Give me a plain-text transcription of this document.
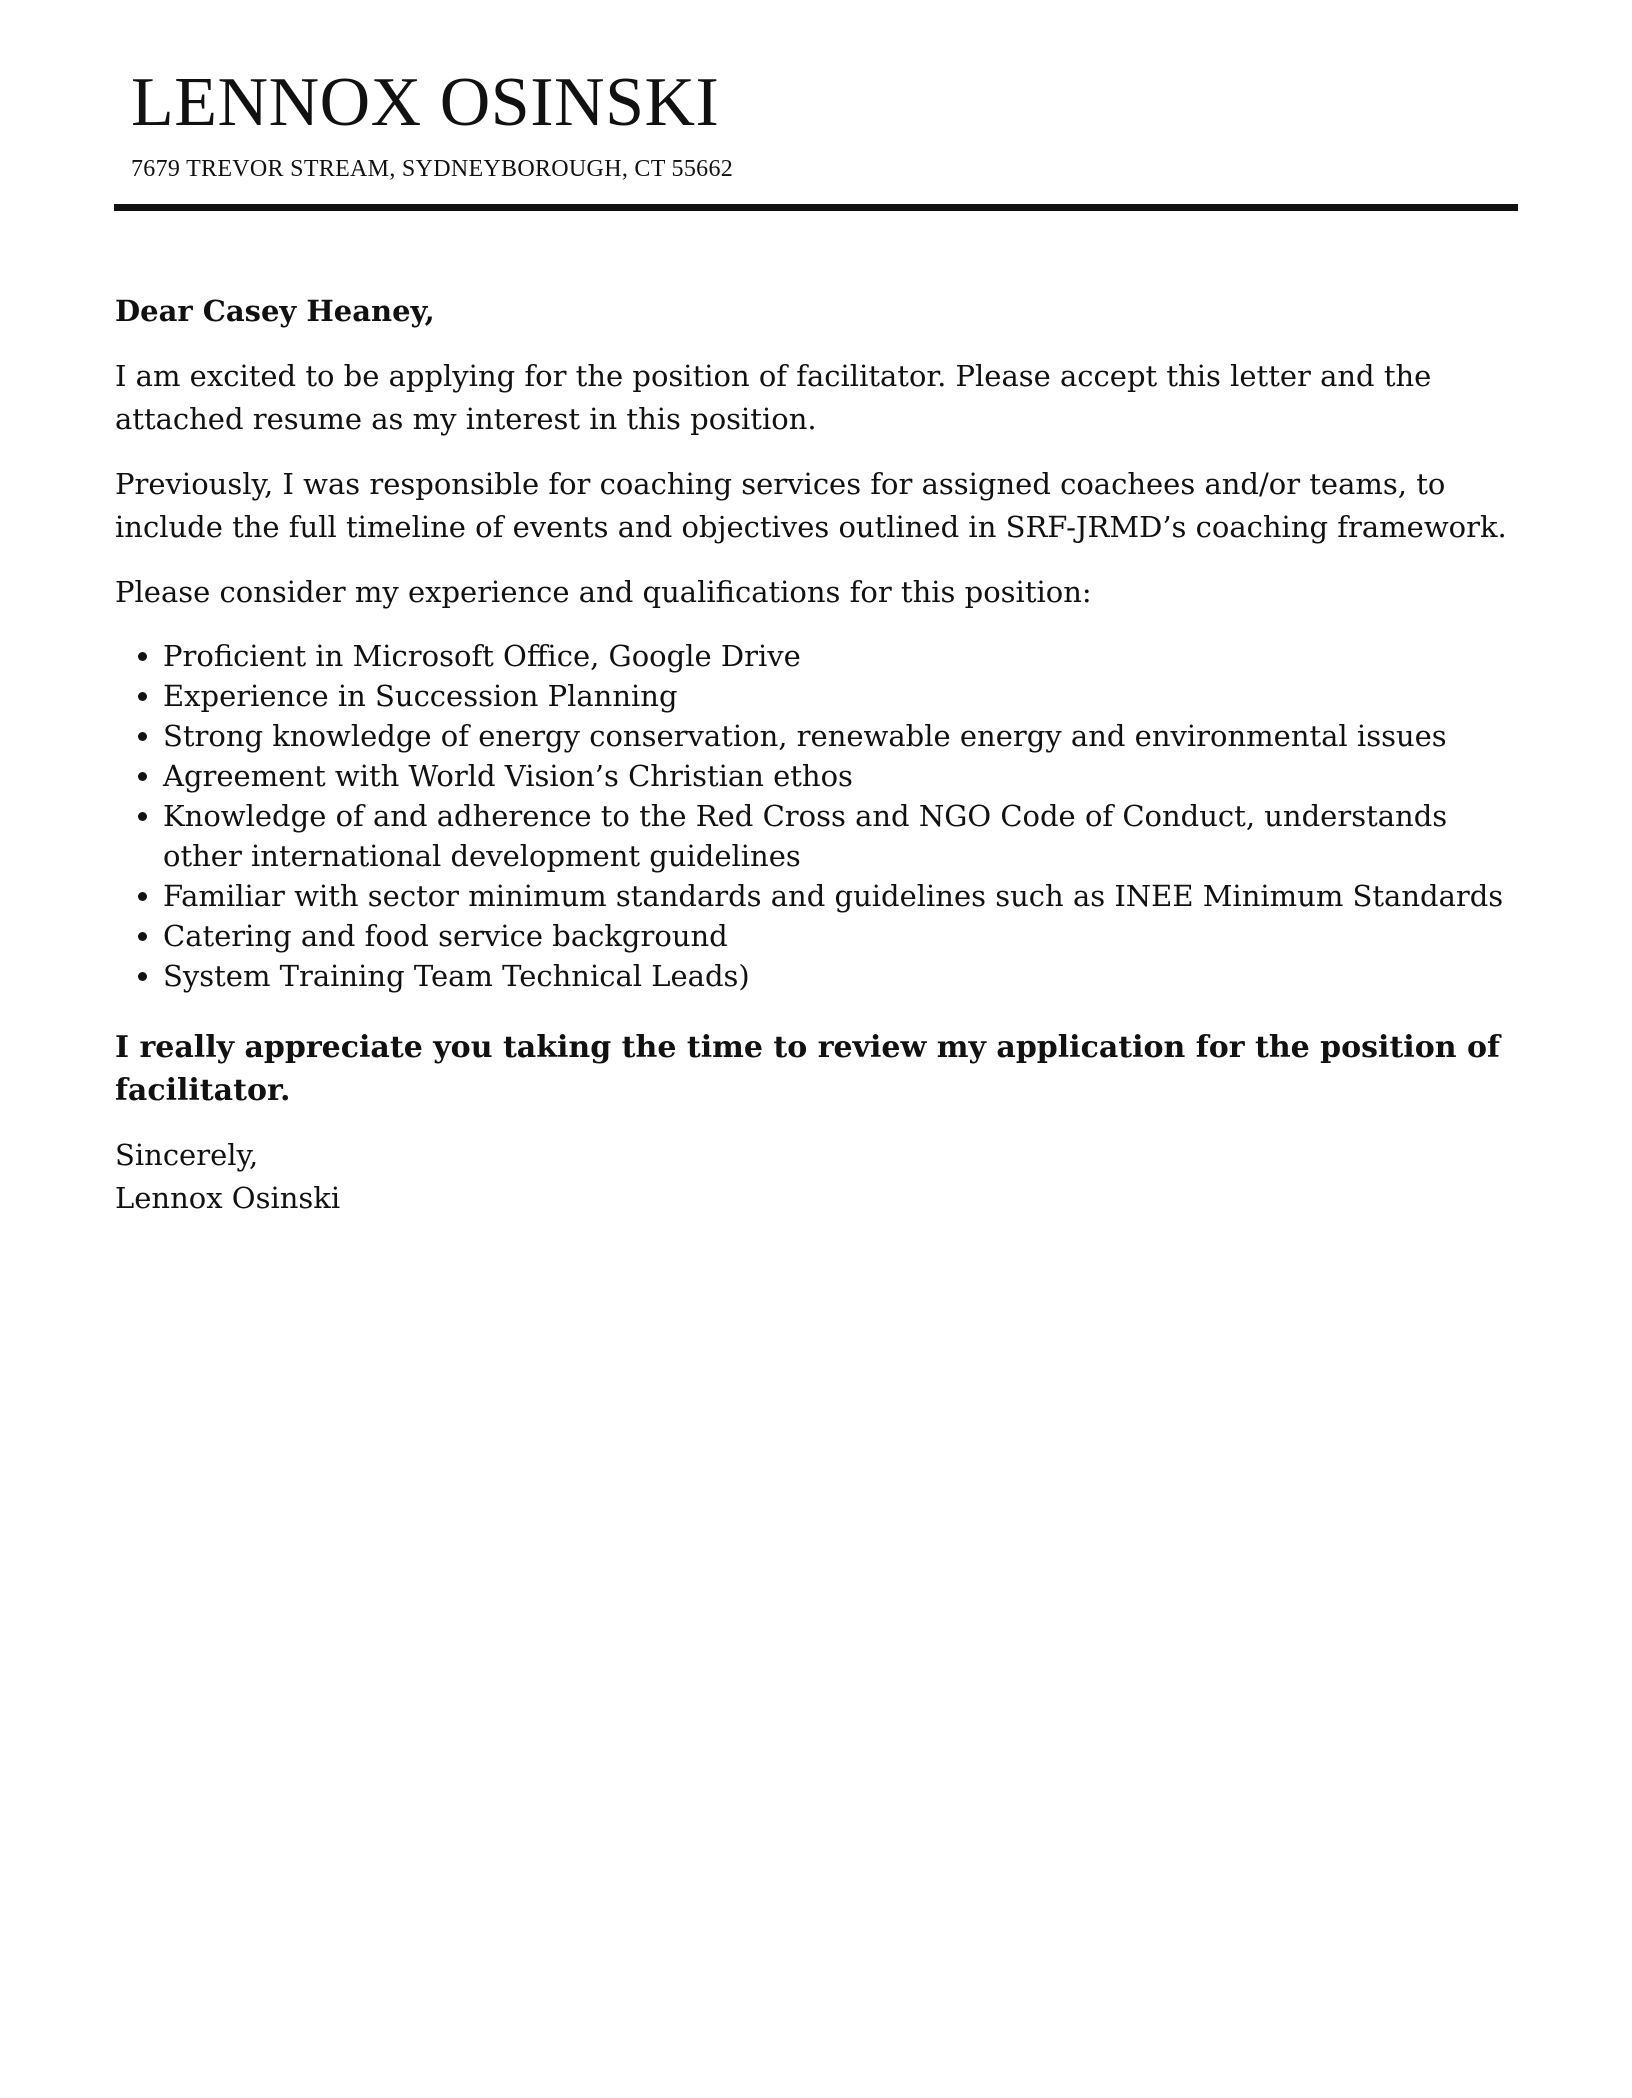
LENNOX OSINSKI
7679 TREVOR STREAM, SYDNEYBOROUGH, CT 55662

Dear Casey Heaney,

I am excited to be applying for the position of facilitator. Please accept this letter and the attached resume as my interest in this position.

Previously, I was responsible for coaching services for assigned coachees and/or teams, to include the full timeline of events and objectives outlined in SRF-JRMD’s coaching framework.

Please consider my experience and qualifications for this position:

• Proficient in Microsoft Office, Google Drive
• Experience in Succession Planning
• Strong knowledge of energy conservation, renewable energy and environmental issues
• Agreement with World Vision’s Christian ethos
• Knowledge of and adherence to the Red Cross and NGO Code of Conduct, understands other international development guidelines
• Familiar with sector minimum standards and guidelines such as INEE Minimum Standards
• Catering and food service background
• System Training Team Technical Leads)

I really appreciate you taking the time to review my application for the position of facilitator.

Sincerely,
Lennox Osinski
